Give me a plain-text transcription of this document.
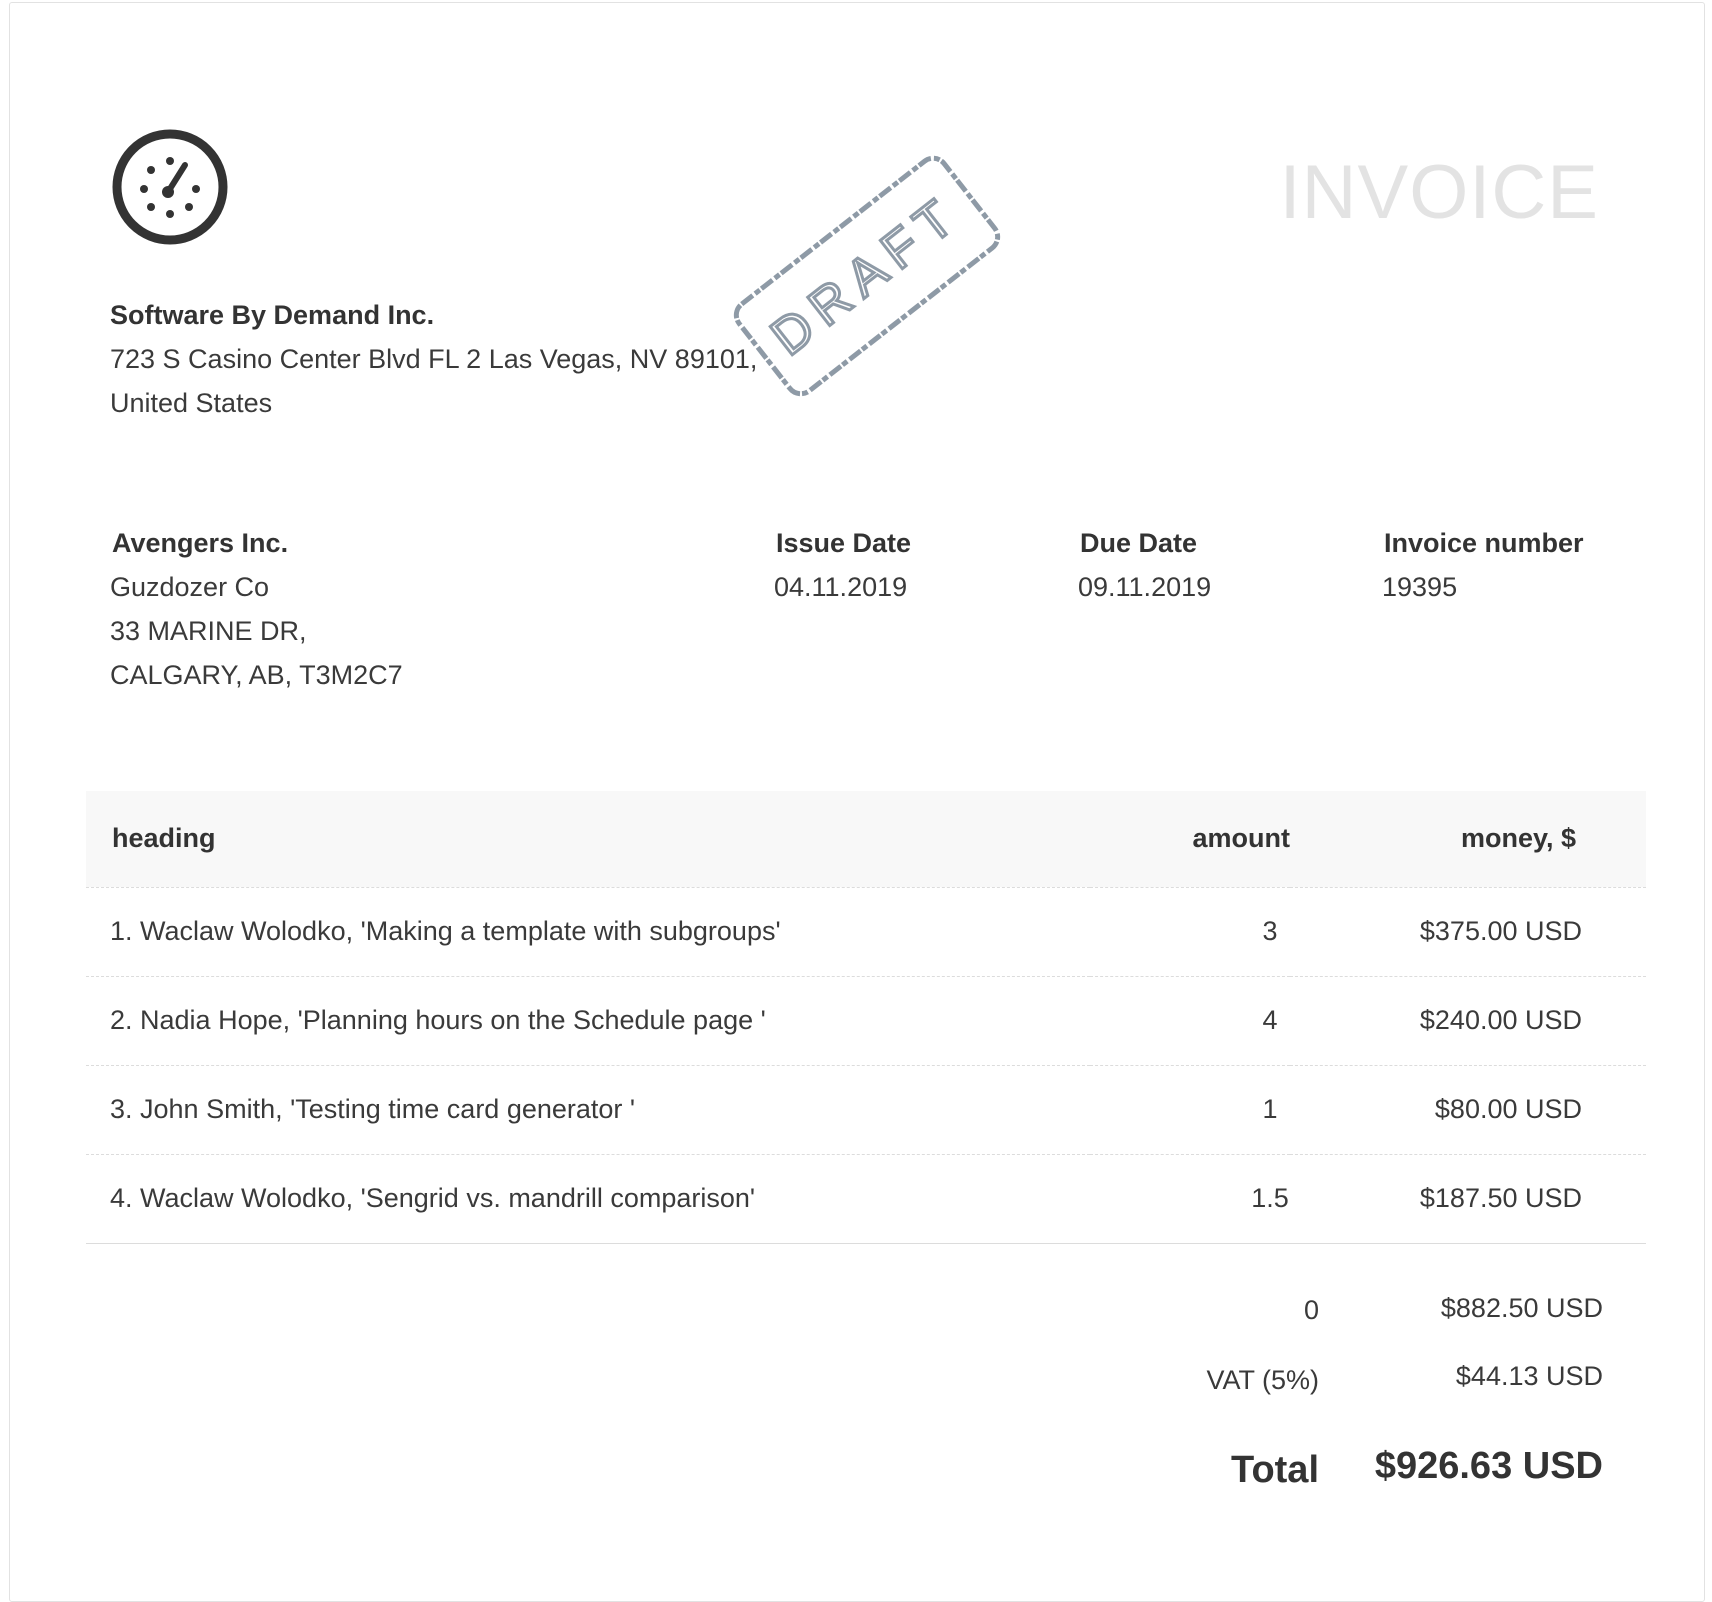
INVOICE
DRAFT
Software By Demand Inc.
723 S Casino Center Blvd FL 2 Las Vegas, NV 89101,
United States
Avengers Inc.
Guzdozer Co
33 MARINE DR,
CALGARY, AB, T3M2C7
Issue Date
04.11.2019
Due Date
09.11.2019
Invoice number
19395
heading	amount	money, $
1. Waclaw Wolodko, 'Making a template with subgroups'	3	$375.00 USD
2. Nadia Hope, 'Planning hours on the Schedule page '	4	$240.00 USD
3. John Smith, 'Testing time card generator '	1	$80.00 USD
4. Waclaw Wolodko, 'Sengrid vs. mandrill comparison'	1.5	$187.50 USD
0	$882.50 USD
VAT (5%)	$44.13 USD
Total $926.63 USD
